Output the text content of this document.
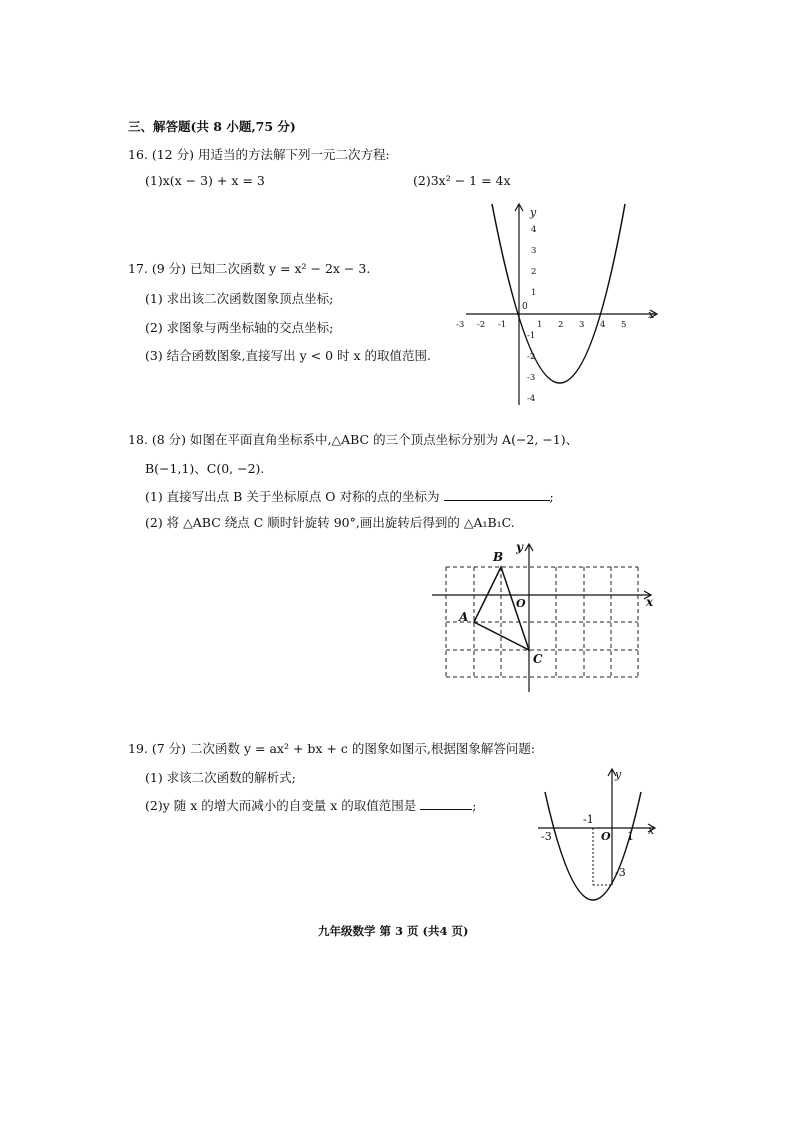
三、解答题(共 8 小题,75 分)
16. (12 分) 用适当的方法解下列一元二次方程:
(1)x(x − 3) + x = 3	(2)3x² − 1 = 4x
17. (9 分) 已知二次函数 y = x² − 2x − 3.
(1) 求出该二次函数图象顶点坐标;
(2) 求图象与两坐标轴的交点坐标;
(3) 结合函数图象,直接写出 y < 0 时 x 的取值范围.
y
x
0
-3 -2 -1	1 2 3 4 5
4
3
2
1
-1
-2
-3
-4
18. (8 分) 如图在平面直角坐标系中,△ABC 的三个顶点坐标分别为 A(−2, −1)、
B(−1,1)、C(0, −2).
(1) 直接写出点 B 关于坐标原点 O 对称的点的坐标为	;
(2) 将 △ABC 绕点 C 顺时针旋转 90°,画出旋转后得到的 △A₁B₁C.
y
x
O
A
B
C
19. (7 分) 二次函数 y = ax² + bx + c 的图象如图示,根据图象解答问题:
(1) 求该二次函数的解析式;
(2)y 随 x 的增大而减小的自变量 x 的取值范围是	;
y
x
O
-3
-1
1
-3
九年级数学 第 3 页 (共4 页)
